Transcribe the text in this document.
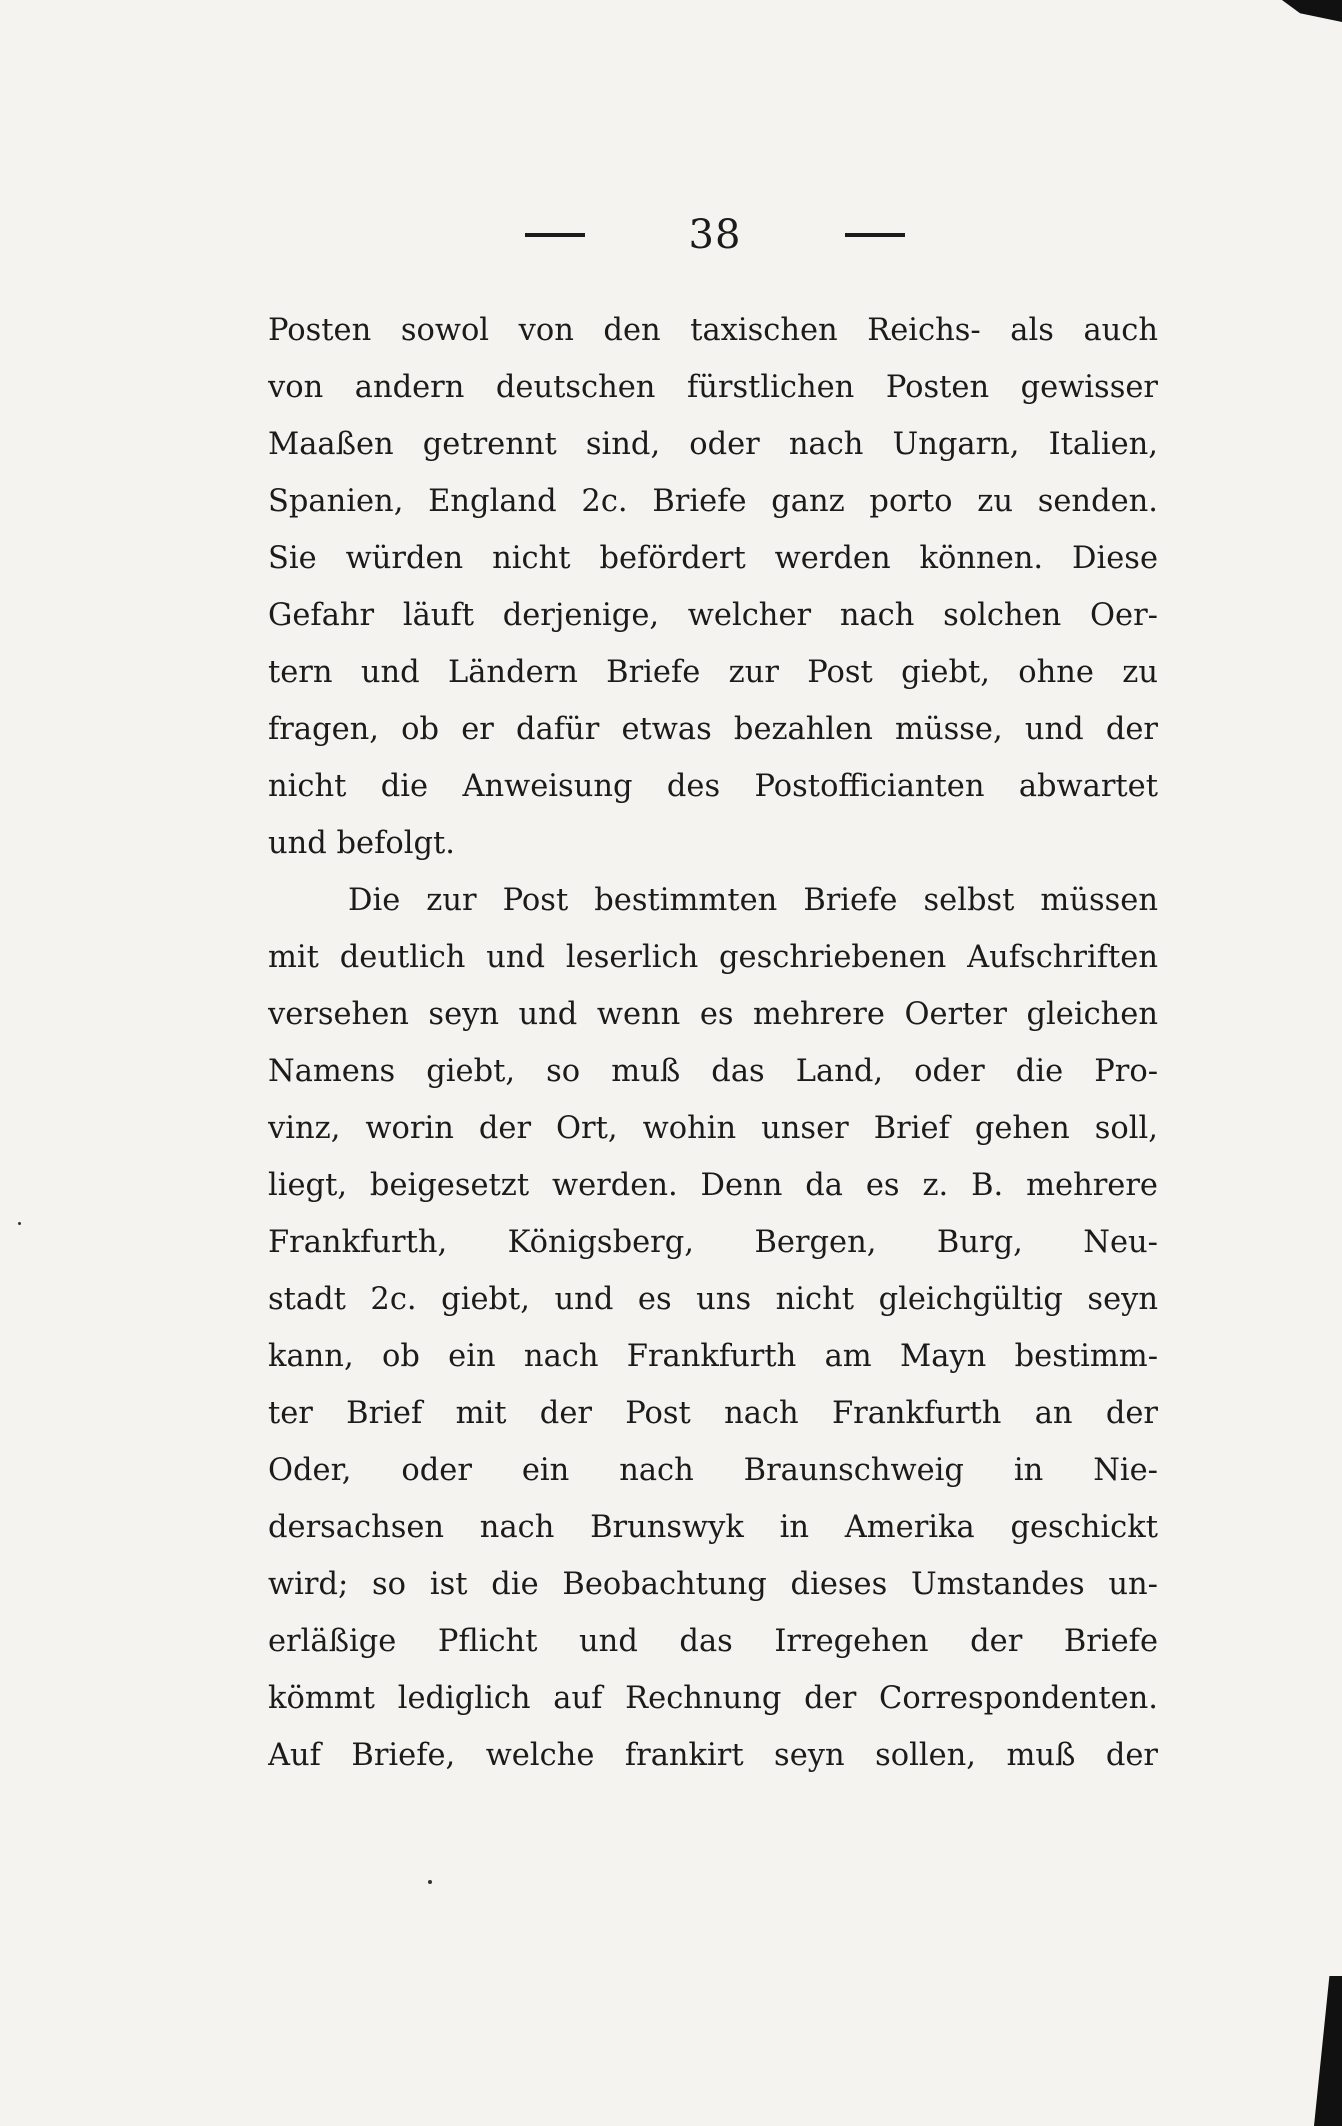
38
Posten sowol von den taxischen Reichs- als auch
von andern deutschen fürstlichen Posten gewisser
Maaßen getrennt sind, oder nach Ungarn, Italien,
Spanien, England 2c. Briefe ganz porto zu senden.
Sie würden nicht befördert werden können. Diese
Gefahr läuft derjenige, welcher nach solchen Oer-
tern und Ländern Briefe zur Post giebt, ohne zu
fragen, ob er dafür etwas bezahlen müsse, und der
nicht die Anweisung des Postofficianten abwartet
und befolgt.
Die zur Post bestimmten Briefe selbst müssen
mit deutlich und leserlich geschriebenen Aufschriften
versehen seyn und wenn es mehrere Oerter gleichen
Namens giebt, so muß das Land, oder die Pro-
vinz, worin der Ort, wohin unser Brief gehen soll,
liegt, beigesetzt werden. Denn da es z. B. mehrere
Frankfurth, Königsberg, Bergen, Burg, Neu-
stadt 2c. giebt, und es uns nicht gleichgültig seyn
kann, ob ein nach Frankfurth am Mayn bestimm-
ter Brief mit der Post nach Frankfurth an der
Oder, oder ein nach Braunschweig in Nie-
dersachsen nach Brunswyk in Amerika geschickt
wird; so ist die Beobachtung dieses Umstandes un-
erläßige Pflicht und das Irregehen der Briefe
kömmt lediglich auf Rechnung der Correspondenten.
Auf Briefe, welche frankirt seyn sollen, muß der
